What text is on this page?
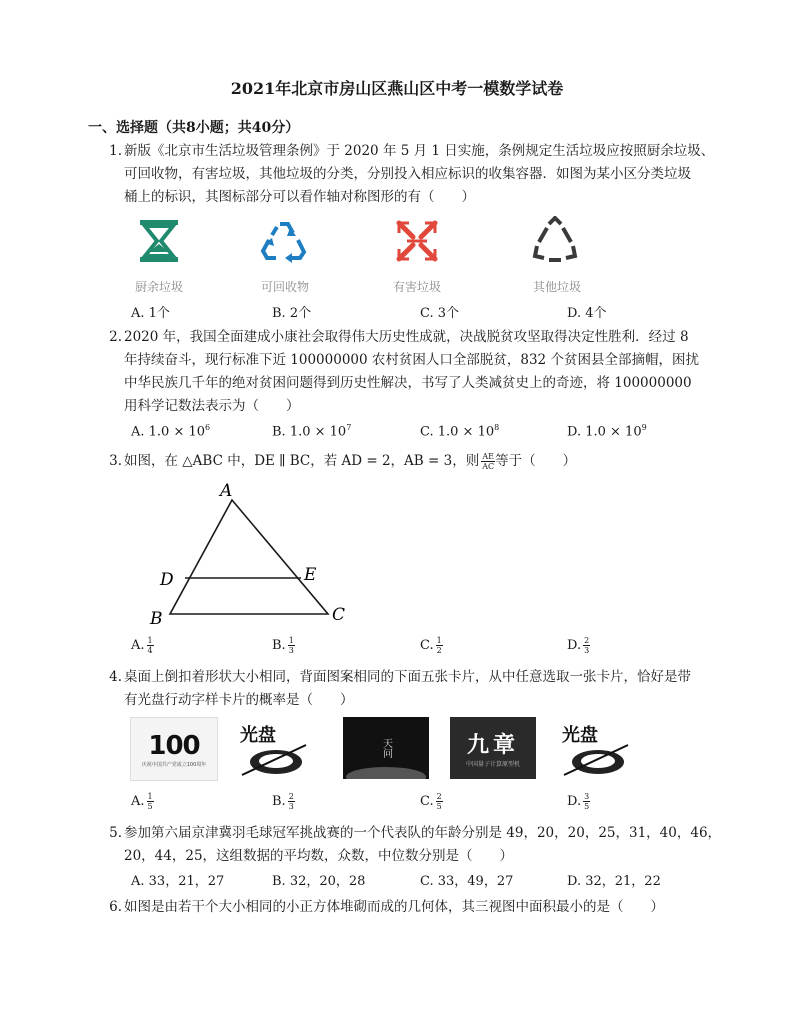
2021年北京市房山区燕山区中考一模数学试卷
一、选择题（共8小题；共40分）
1. 新版《北京市生活垃圾管理条例》于 2020 年 5 月 1 日实施，条例规定生活垃圾应按照厨余垃圾、
可回收物，有害垃圾，其他垃圾的分类，分别投入相应标识的收集容器．如图为某小区分类垃圾
桶上的标识，其图标部分可以看作轴对称图形的有（　　）
厨余垃圾	可回收物	有害垃圾	其他垃圾
A. 1个	B. 2个	C. 3个	D. 4个
2. 2020 年，我国全面建成小康社会取得伟大历史性成就，决战脱贫攻坚取得决定性胜利．经过 8
年持续奋斗，现行标准下近 100000000 农村贫困人口全部脱贫，832 个贫困县全部摘帽，困扰
中华民族几千年的绝对贫困问题得到历史性解决，书写了人类减贫史上的奇迹，将 100000000
用科学记数法表示为（　　）
A. $1.0 \times 10^6$	B. $1.0 \times 10^7$	C. $1.0 \times 10^8$	D. $1.0 \times 10^9$
3. 如图，在 △ABC 中，DE ∥ BC，若 AD = 2，AB = 3，则 $\frac{AE}{AC}$ 等于（　　）
A
D	E
B	C
A. $\frac{1}{4}$	B. $\frac{1}{3}$	C. $\frac{1}{2}$	D. $\frac{2}{3}$
4. 桌面上倒扣着形状大小相同，背面图案相同的下面五张卡片，从中任意选取一张卡片，恰好是带
有光盘行动字样卡片的概率是（　　）
100
庆祝中国共产党成立100周年
光盘
天问	九章
中国量子计算原型机
光盘
A. $\frac{1}{5}$	B. $\frac{2}{3}$	C. $\frac{2}{5}$	D. $\frac{3}{5}$
5. 参加第六届京津冀羽毛球冠军挑战赛的一个代表队的年龄分别是 49，20，20，25，31，40，46，
20，44，25，这组数据的平均数，众数，中位数分别是（　　）
A. 33，21，27	B. 32，20，28	C. 33，49，27	D. 32，21，22
6. 如图是由若干个大小相同的小正方体堆砌而成的几何体，其三视图中面积最小的是（　　）
